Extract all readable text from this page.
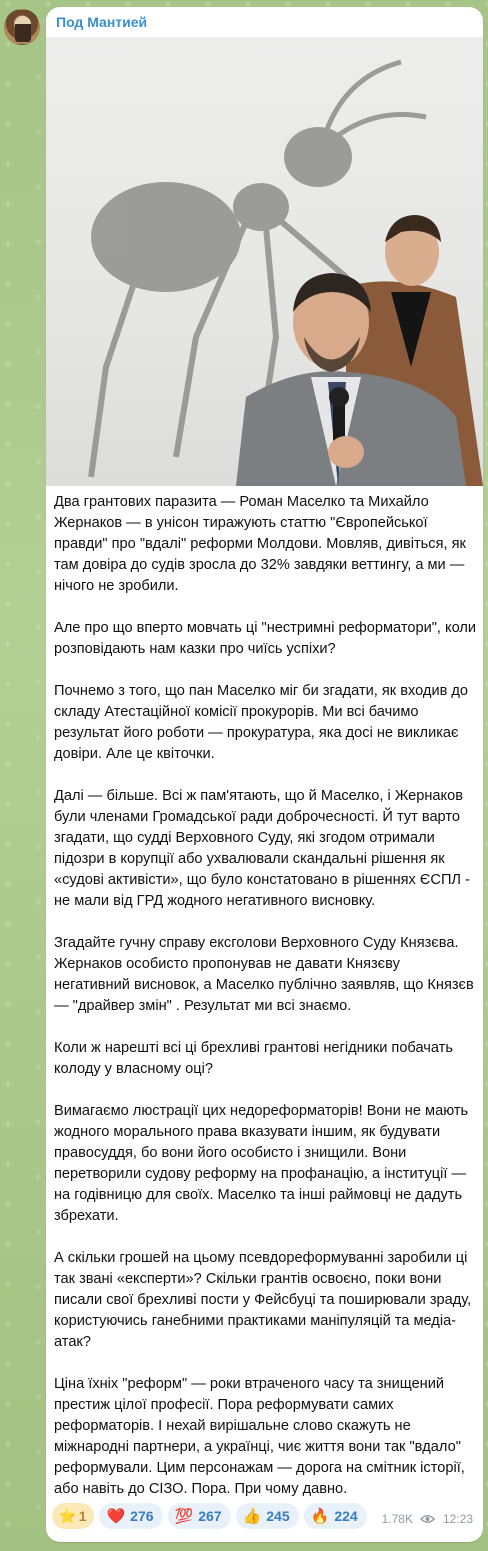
Под Мантией

Два грантових паразита — Роман Маселко та Михайло Жернаков — в унісон тиражують статтю "Європейської правди" про "вдалі" реформи Молдови. Мовляв, дивіться, як там довіра до судів зросла до 32% завдяки веттингу, а ми — нічого не зробили.

Але про що вперто мовчать ці "нестримні реформатори", коли розповідають нам казки про чиїсь успіхи?

Почнемо з того, що пан Маселко міг би згадати, як входив до складу Атестаційної комісії прокурорів. Ми всі бачимо результат його роботи — прокуратура, яка досі не викликає довіри. Але це квіточки.

Далі — більше. Всі ж пам'ятають, що й Маселко, і Жернаков були членами Громадської ради доброчесності. Й тут варто згадати, що судді Верховного Суду, які згодом отримали підозри в корупції або ухвалювали скандальні рішення як «судові активісти», що було констатовано в рішеннях ЄСПЛ - не мали від ГРД жодного негативного висновку.

Згадайте гучну справу ексголови Верховного Суду Князєва. Жернаков особисто пропонував не давати Князєву негативний висновок, а Маселко публічно заявляв, що Князєв — "драйвер змін" . Результат ми всі знаємо.

Коли ж нарешті всі ці брехливі грантові негідники побачать колоду у власному оці?

Вимагаємо люстрації цих недореформаторів! Вони не мають жодного морального права вказувати іншим, як будувати правосуддя, бо вони його особисто і знищили. Вони перетворили судову реформу на профанацію, а інституції — на годівницю для своїх. Маселко та інші раймовці не дадуть збрехати.

А скільки грошей на цьому псевдореформуванні заробили ці так звані «експерти»? Скільки грантів освоєно, поки вони писали свої брехливі пости у Фейсбуці та поширювали зраду, користуючись ганебними практиками маніпуляцій та медіа-атак?

Ціна їхніх "реформ" — роки втраченого часу та знищений престиж цілої професії. Пора реформувати самих реформаторів. І нехай вирішальне слово скажуть не міжнародні партнери, а українці, чиє життя вони так "вдало" реформували. Цим персонажам — дорога на смітник історії, або навіть до СІЗО. Пора. При чому давно.

⭐ 1 ❤️ 276 💯 267 👍 245 🔥 224 1.78K	12:23
